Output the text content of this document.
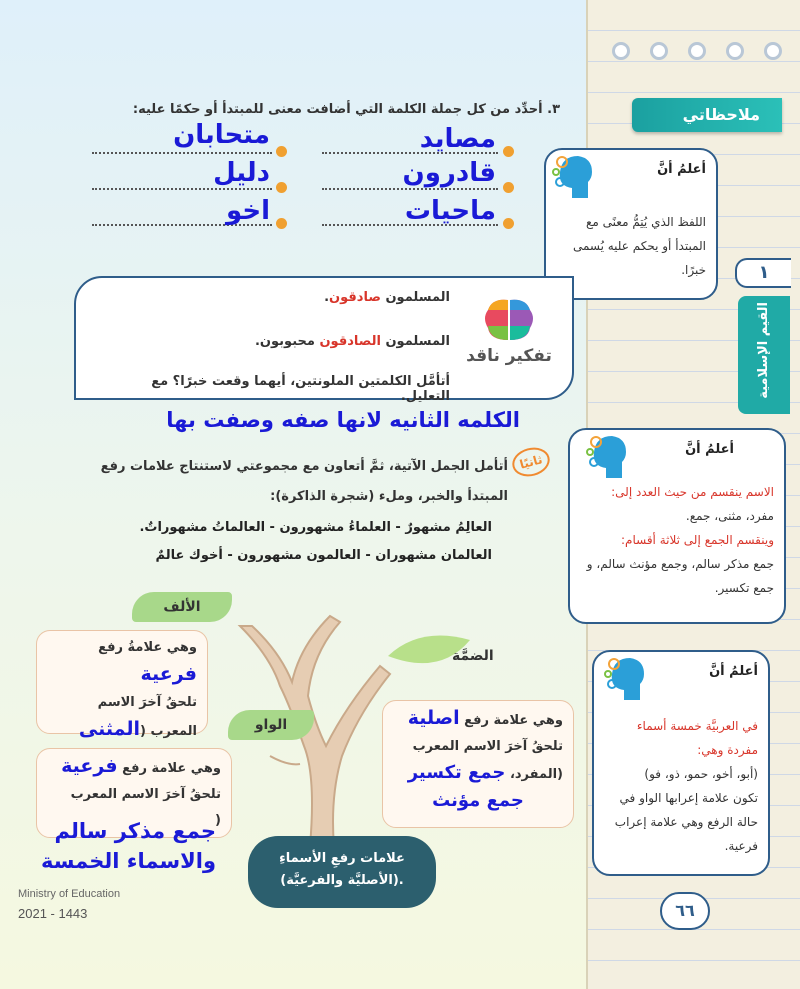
ملاحظاتي
أعلمُ أنَّ
اللفظ الذي يُتِمُّ معنًى مع المبتدأ أو يحكم عليه يُسمى خبرًا.	١
القيم الإسلامية
أعلمُ أنَّ
الاسم ينقسم من حيث العدد إلى:
مفرد، مثنى، جمع.
وينقسم الجمع إلى ثلاثة أقسام:
جمع مذكر سالم، وجمع مؤنث سالم، و جمع تكسير.
أعلمُ أنَّ
في العربيَّة خمسة أسماء مفردة وهي:
(أبو، أخو، حمو، ذو، فو)
تكون علامة إعرابها الواو في حالة الرفع وهي علامة إعراب فرعية.
٦٦
٣. أحدِّد من كل جملة الكلمة التي أضافت معنى للمبتدأ أو حكمًا عليه:
مصايد
متحابان
قادرون
دليل
ماحيات
اخو
المسلمون صادقون.
المسلمون الصادقون محبوبون.
أتأمَّل الكلمتين الملونتين، أيهما وقعت خبرًا؟ مع التعليل.
تفكير ناقد
الكلمه الثانيه لانها صفه وصفت بها
ثانيًا
أتأمل الجمل الآتية، ثمَّ أتعاون مع مجموعتي لاستنتاج علامات رفع المبتدأ والخبر، وملء (شجرة الذاكرة):
العالِمُ مشهورٌ - العلماءُ مشهورون - العالماتُ مشهوراتٌ.
العالمان مشهوران - العالمون مشهورون - أخوك عالمٌ
الألف
الواو
الضمَّة
وهي علامةُ رفع فرعية
تلحقُ آخرَ الاسم
المعرب (المثنى
وهي علامة رفع فرعية
تلحقُ آخرَ الاسم المعرب
(
جمع مذكر سالم
والاسماء الخمسة
وهي علامة رفع اصلية
تلحقُ آخرَ الاسم المعرب
(المفرد، جمع تكسير
جمع مؤنث
علامات رفعِ الأسماءِ
(الأصليَّة والفرعيَّة).
Ministry of Education
2021 - 1443
